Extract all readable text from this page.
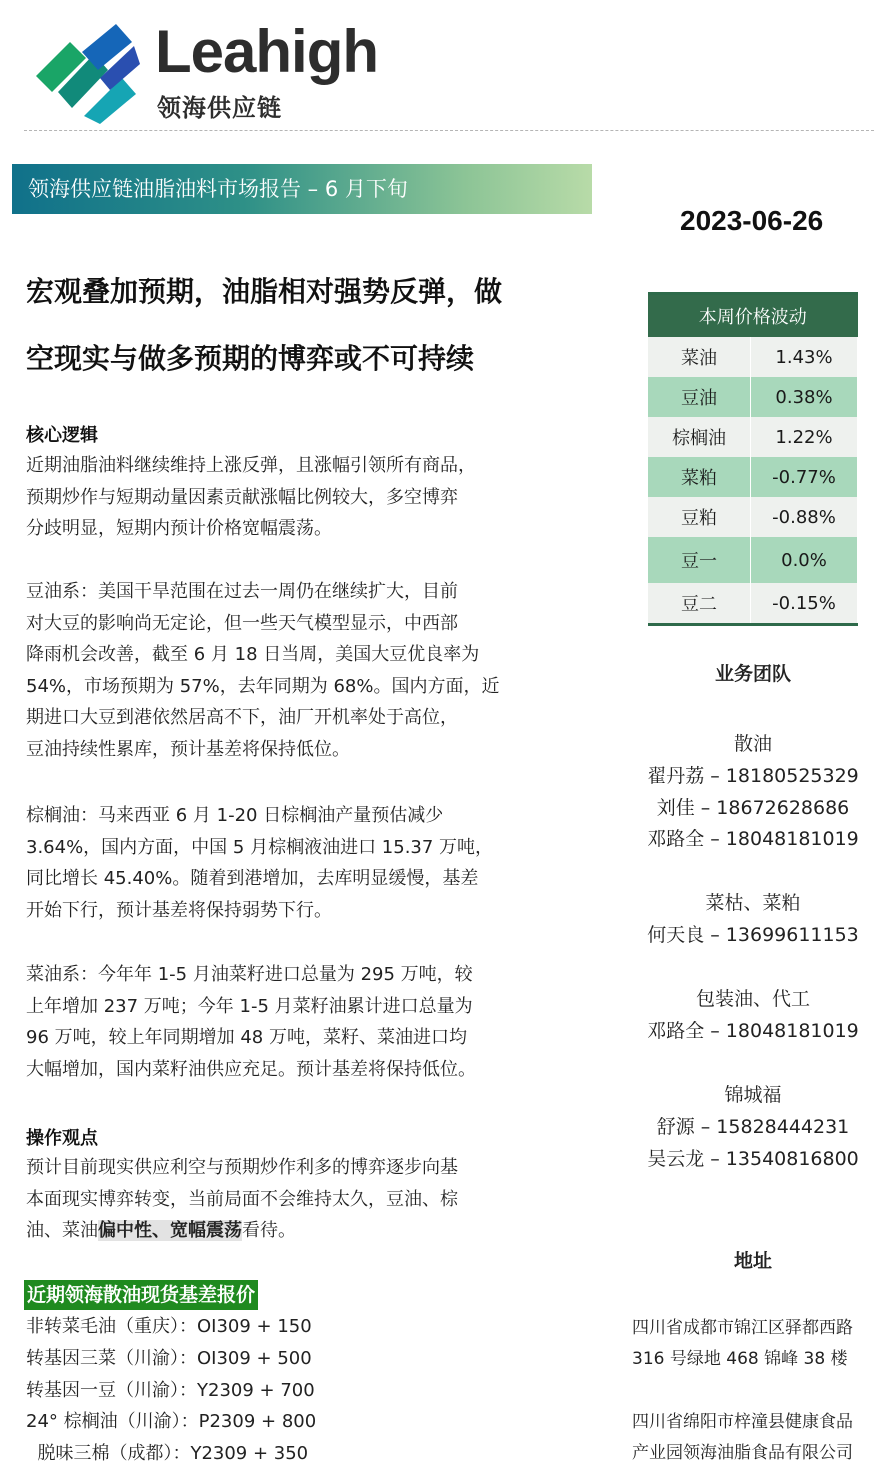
Leahigh
领海供应链
领海供应链油脂油料市场报告 – 6 月下旬
2023-06-26
宏观叠加预期，油脂相对强势反弹，做
空现实与做多预期的博弈或不可持续
核心逻辑
近期油脂油料继续维持上涨反弹，且涨幅引领所有商品，
预期炒作与短期动量因素贡献涨幅比例较大，多空博弈
分歧明显，短期内预计价格宽幅震荡。
豆油系：美国干旱范围在过去一周仍在继续扩大，目前
对大豆的影响尚无定论，但一些天气模型显示，中西部
降雨机会改善，截至 6 月 18 日当周，美国大豆优良率为
54%，市场预期为 57%，去年同期为 68%。国内方面，近
期进口大豆到港依然居高不下，油厂开机率处于高位，
豆油持续性累库，预计基差将保持低位。
棕榈油：马来西亚 6 月 1-20 日棕榈油产量预估减少
3.64%，国内方面，中国 5 月棕榈液油进口 15.37 万吨，
同比增长 45.40%。随着到港增加，去库明显缓慢，基差
开始下行，预计基差将保持弱势下行。
菜油系：今年年 1-5 月油菜籽进口总量为 295 万吨，较
上年增加 237 万吨；今年 1-5 月菜籽油累计进口总量为
96 万吨，较上年同期增加 48 万吨，菜籽、菜油进口均
大幅增加，国内菜籽油供应充足。预计基差将保持低位。
操作观点
预计目前现实供应利空与预期炒作利多的博弈逐步向基
本面现实博弈转变，当前局面不会维持太久，豆油、棕
油、菜油偏中性、宽幅震荡看待。
近期领海散油现货基差报价
非转菜毛油（重庆）：OI309 + 150
转基因三菜（川渝）：OI309 + 500
转基因一豆（川渝）：Y2309 + 700
24° 棕榈油（川渝）：P2309 + 800
脱味三棉（成都）：Y2309 + 350
本周价格波动	
菜油	1.43%
豆油	0.38%
棕榈油	1.22%
菜粕	-0.77%
豆粕	-0.88%
豆一	0.0%
豆二	-0.15%
业务团队
散油
翟丹荔 – 18180525329
刘佳 – 18672628686
邓路全 – 18048181019
菜枯、菜粕
何天良 – 13699611153
包装油、代工
邓路全 – 18048181019
锦城福
舒源 – 15828444231
吴云龙 – 13540816800
地址
四川省成都市锦江区驿都西路
316 号绿地 468 锦峰 38 楼
四川省绵阳市梓潼县健康食品
产业园领海油脂食品有限公司
